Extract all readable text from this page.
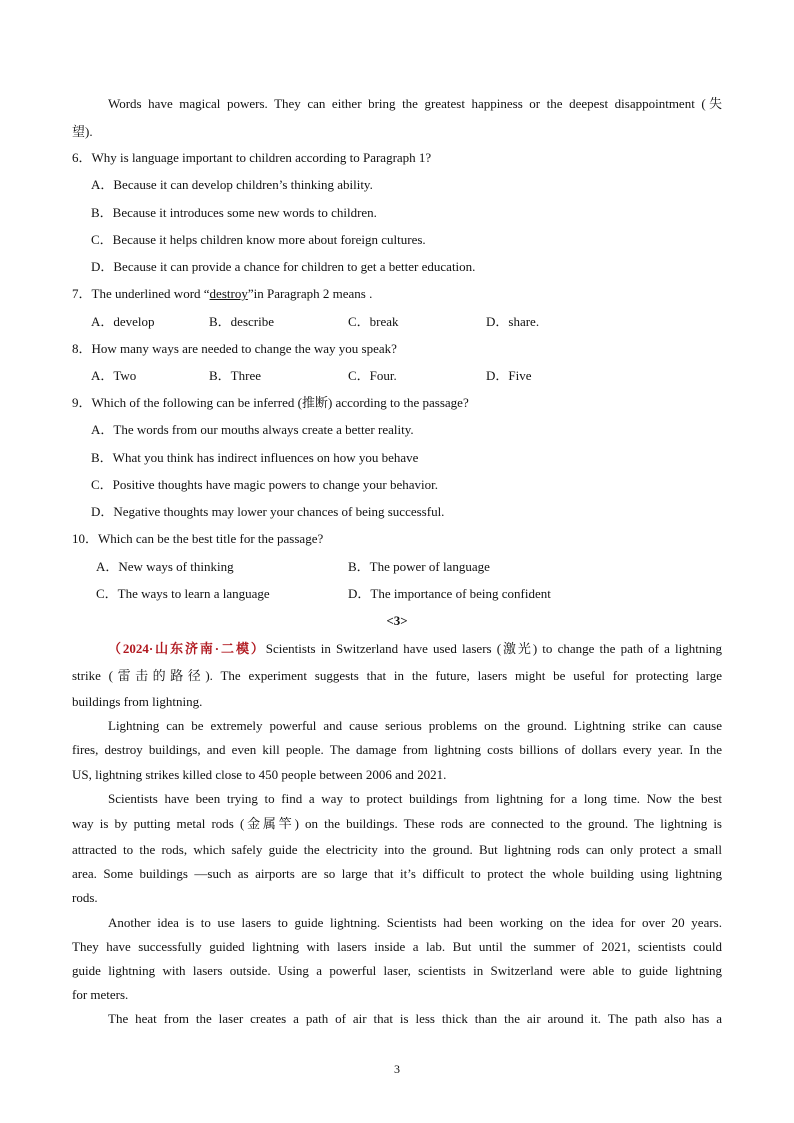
Words have magical powers. They can either bring the greatest happiness or the deepest disappointment (失
望).
6．Why is language important to children according to Paragraph 1?
A．Because it can develop children’s thinking ability.
B．Because it introduces some new words to children.
C．Because it helps children know more about foreign cultures.
D．Because it can provide a chance for children to get a better education.
7．The underlined word “destroy”in Paragraph 2 means .
A．develop	B．describe	C．break	D．share.
8．How many ways are needed to change the way you speak?
A．Two	B．Three	C．Four.	D．Five
9．Which of the following can be inferred (推断) according to the passage?
A．The words from our mouths always create a better reality.
B．What you think has indirect influences on how you behave
C．Positive thoughts have magic powers to change your behavior.
D．Negative thoughts may lower your chances of being successful.
10．Which can be the best title for the passage?
A．New ways of thinking	B．The power of language
C．The ways to learn a language	D．The importance of being confident
<3>
（2024·山东济南·二模）Scientists in Switzerland have used lasers (激光) to change the path of a lightning
strike (雷击的路径). The experiment suggests that in the future, lasers might be useful for protecting large
buildings from lightning.
Lightning can be extremely powerful and cause serious problems on the ground. Lightning strike can cause
fires, destroy buildings, and even kill people. The damage from lightning costs billions of dollars every year. In the
US, lightning strikes killed close to 450 people between 2006 and 2021.
Scientists have been trying to find a way to protect buildings from lightning for a long time. Now the best
way is by putting metal rods (金属竿) on the buildings. These rods are connected to the ground. The lightning is
attracted to the rods, which safely guide the electricity into the ground. But lightning rods can only protect a small
area. Some buildings —such as airports are so large that it’s difficult to protect the whole building using lightning
rods.
Another idea is to use lasers to guide lightning. Scientists had been working on the idea for over 20 years.
They have successfully guided lightning with lasers inside a lab. But until the summer of 2021, scientists could
guide lightning with lasers outside. Using a powerful laser, scientists in Switzerland were able to guide lightning
for meters.
The heat from the laser creates a path of air that is less thick than the air around it. The path also has a
3
